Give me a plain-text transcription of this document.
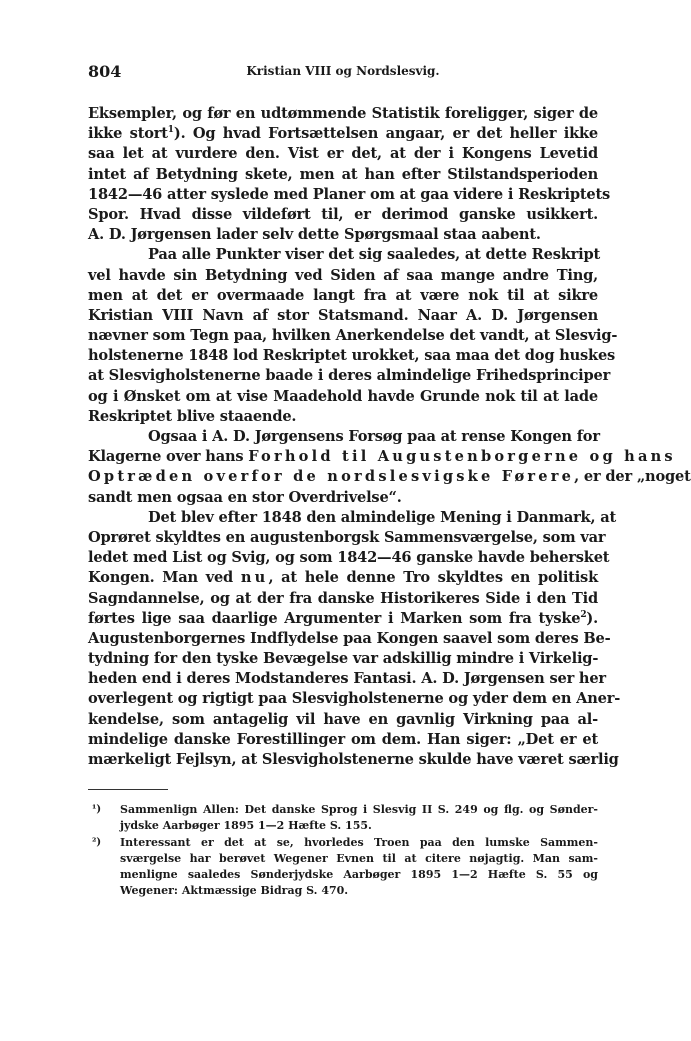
804	Kristian VIII og Nordslesvig.
Eksempler, og før en udtømmende Statistik foreligger, siger de
ikke stort$^1$). Og hvad Fortsættelsen angaar, er det heller ikke
saa let at vurdere den. Vist er det, at der i Kongens Levetid
intet af Betydning skete, men at han efter Stilstandsperioden
1842—46 atter syslede med Planer om at gaa videre i Reskriptets
Spor. Hvad disse vildeført til, er derimod ganske usikkert.
A. D. Jørgensen lader selv dette Spørgsmaal staa aabent.
Paa alle Punkter viser det sig saaledes, at dette Reskript
vel havde sin Betydning ved Siden af saa mange andre Ting,
men at det er overmaade langt fra at være nok til at sikre
Kristian VIII Navn af stor Statsmand. Naar A. D. Jørgensen
nævner som Tegn paa, hvilken Anerkendelse det vandt, at Slesvig-
holstenerne 1848 lod Reskriptet urokket, saa maa det dog huskes
at Slesvigholstenerne baade i deres almindelige Frihedsprinciper
og i Ønsket om at vise Maadehold havde Grunde nok til at lade
Reskriptet blive staaende.
Ogsaa i A. D. Jørgensens Forsøg paa at rense Kongen for
Klagerne over hans Forhold til Augustenborgerne og hans
Optræden overfor de nordslesvigske Førere, er der „noget
sandt men ogsaa en stor Overdrivelse“.
Det blev efter 1848 den almindelige Mening i Danmark, at
Oprøret skyldtes en augustenborgsk Sammensværgelse, som var
ledet med List og Svig, og som 1842—46 ganske havde behersket
Kongen. Man ved nu, at hele denne Tro skyldtes en politisk
Sagndannelse, og at der fra danske Historikeres Side i den Tid
førtes lige saa daarlige Argumenter i Marken som fra tyske$^2$).
Augustenborgernes Indflydelse paa Kongen saavel som deres Be-
tydning for den tyske Bevægelse var adskillig mindre i Virkelig-
heden end i deres Modstanderes Fantasi. A. D. Jørgensen ser her
overlegent og rigtigt paa Slesvigholstenerne og yder dem en Aner-
kendelse, som antagelig vil have en gavnlig Virkning paa al-
mindelige danske Forestillinger om dem. Han siger: „Det er et
mærkeligt Fejlsyn, at Slesvigholstenerne skulde have været særlig
¹) Sammenlign Allen: Det danske Sprog i Slesvig II S. 249 og flg. og Sønder-
jydske Aarbøger 1895 1—2 Hæfte S. 155.
²) Interessant er det at se, hvorledes Troen paa den lumske Sammen-
sværgelse har berøvet Wegener Evnen til at citere nøjagtig. Man sam-
menligne saaledes Sønderjydske Aarbøger 1895 1—2 Hæfte S. 55 og
Wegener: Aktmæssige Bidrag S. 470.
